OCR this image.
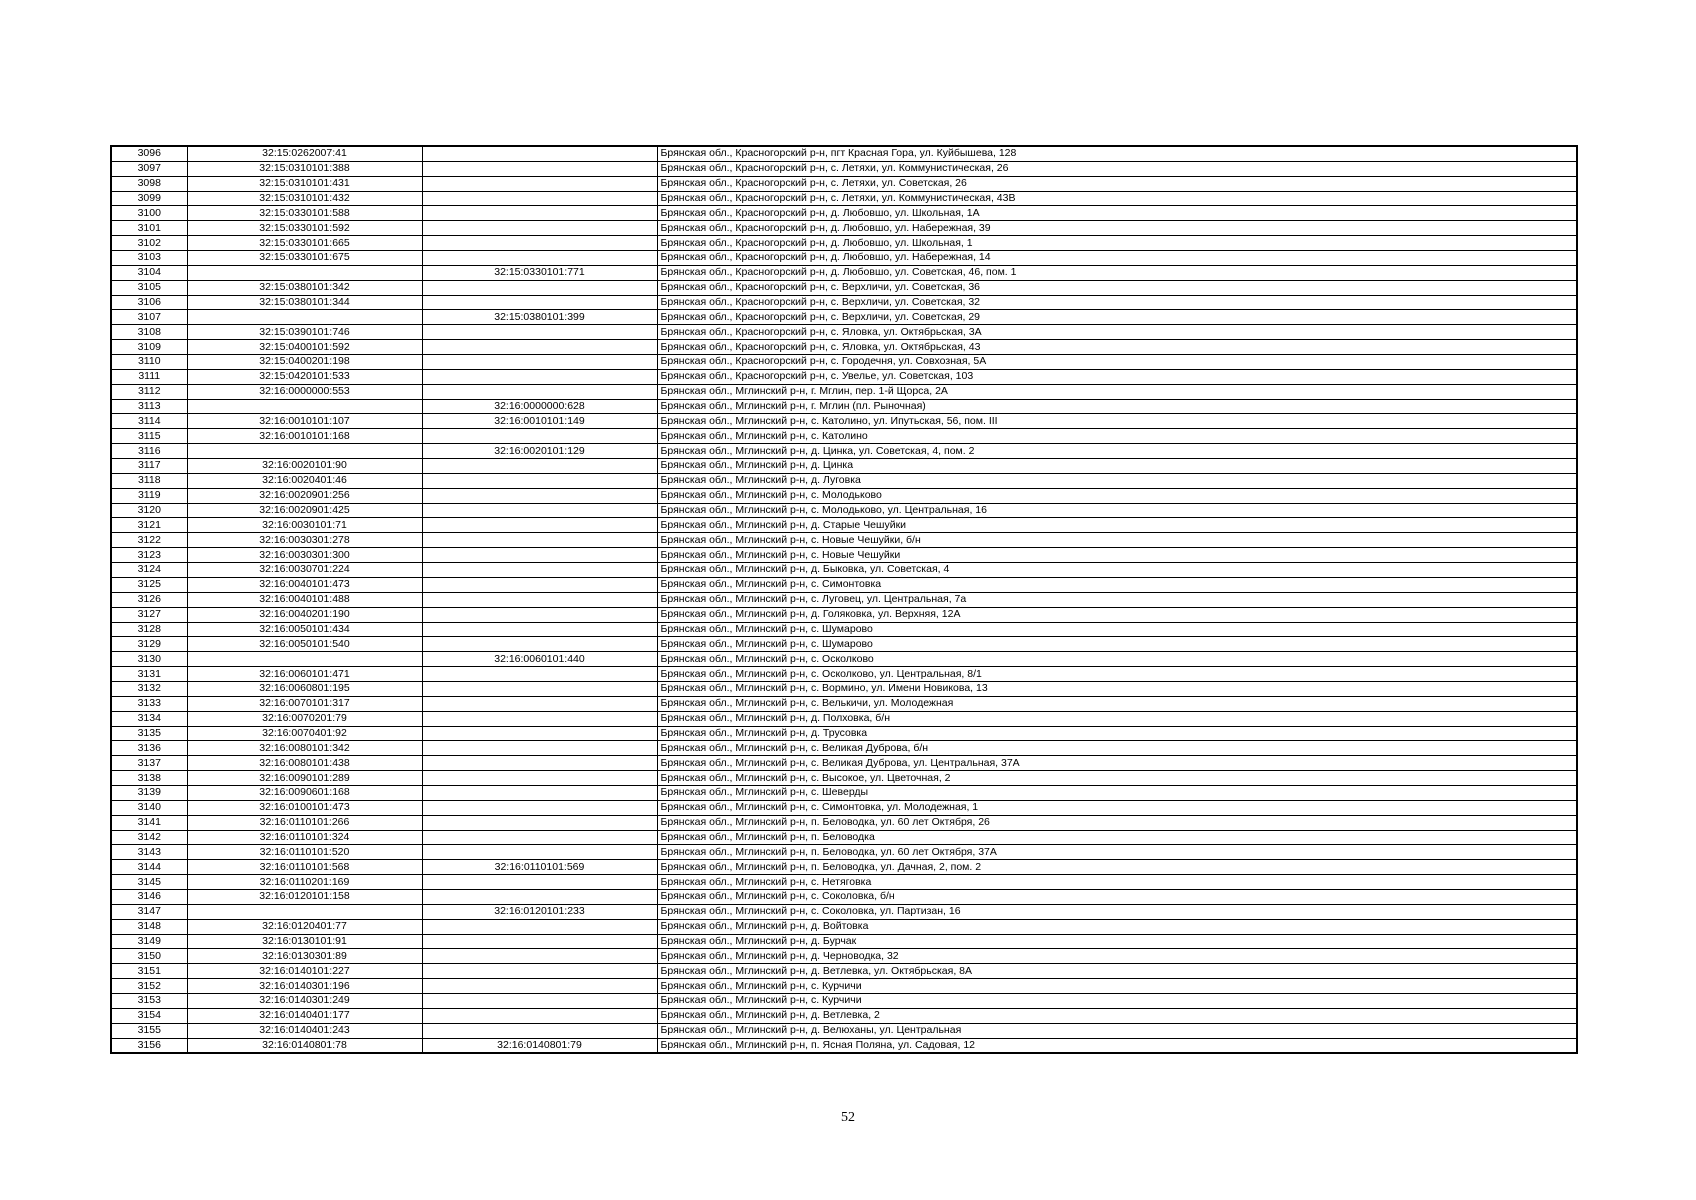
3096	32:15:0262007:41		Брянская обл., Красногорский р-н, пгт Красная Гора, ул. Куйбышева, 128
3097	32:15:0310101:388		Брянская обл., Красногорский р-н, с. Летяхи, ул. Коммунистическая, 26
3098	32:15:0310101:431		Брянская обл., Красногорский р-н, с. Летяхи, ул. Советская, 26
3099	32:15:0310101:432		Брянская обл., Красногорский р-н, с. Летяхи, ул. Коммунистическая, 43В
3100	32:15:0330101:588		Брянская обл., Красногорский р-н, д. Любовшо, ул. Школьная, 1А
3101	32:15:0330101:592		Брянская обл., Красногорский р-н, д. Любовшо, ул. Набережная, 39
3102	32:15:0330101:665		Брянская обл., Красногорский р-н, д. Любовшо, ул. Школьная, 1
3103	32:15:0330101:675		Брянская обл., Красногорский р-н, д. Любовшо, ул. Набережная, 14
3104		32:15:0330101:771	Брянская обл., Красногорский р-н, д. Любовшо, ул. Советская, 46, пом. 1
3105	32:15:0380101:342		Брянская обл., Красногорский р-н, с. Верхличи, ул. Советская, 36
3106	32:15:0380101:344		Брянская обл., Красногорский р-н, с. Верхличи, ул. Советская, 32
3107		32:15:0380101:399	Брянская обл., Красногорский р-н, с. Верхличи, ул. Советская, 29
3108	32:15:0390101:746		Брянская обл., Красногорский р-н, с. Яловка, ул. Октябрьская, 3А
3109	32:15:0400101:592		Брянская обл., Красногорский р-н, с. Яловка, ул. Октябрьская, 43
3110	32:15:0400201:198		Брянская обл., Красногорский р-н, с. Городечня, ул. Совхозная, 5А
3111	32:15:0420101:533		Брянская обл., Красногорский р-н, с. Увелье, ул. Советская, 103
3112	32:16:0000000:553		Брянская обл., Мглинский р-н, г. Мглин, пер. 1-й Щорса, 2А
3113		32:16:0000000:628	Брянская обл., Мглинский р-н, г. Мглин (пл. Рыночная)
3114	32:16:0010101:107	32:16:0010101:149	Брянская обл., Мглинский р-н, с. Католино, ул. Ипутьская, 56, пом. III
3115	32:16:0010101:168		Брянская обл., Мглинский р-н, с. Католино
3116		32:16:0020101:129	Брянская обл., Мглинский р-н, д. Цинка, ул. Советская, 4, пом. 2
3117	32:16:0020101:90		Брянская обл., Мглинский р-н, д. Цинка
3118	32:16:0020401:46		Брянская обл., Мглинский р-н, д. Луговка
3119	32:16:0020901:256		Брянская обл., Мглинский р-н, с. Молодьково
3120	32:16:0020901:425		Брянская обл., Мглинский р-н, с. Молодьково, ул. Центральная, 16
3121	32:16:0030101:71		Брянская обл., Мглинский р-н, д. Старые Чешуйки
3122	32:16:0030301:278		Брянская обл., Мглинский р-н, с. Новые Чешуйки, б/н
3123	32:16:0030301:300		Брянская обл., Мглинский р-н, с. Новые Чешуйки
3124	32:16:0030701:224		Брянская обл., Мглинский р-н, д. Быковка, ул. Советская, 4
3125	32:16:0040101:473		Брянская обл., Мглинский р-н, с. Симонтовка
3126	32:16:0040101:488		Брянская обл., Мглинский р-н, с. Луговец, ул. Центральная, 7а
3127	32:16:0040201:190		Брянская обл., Мглинский р-н, д. Голяковка, ул. Верхняя, 12А
3128	32:16:0050101:434		Брянская обл., Мглинский р-н, с. Шумарово
3129	32:16:0050101:540		Брянская обл., Мглинский р-н, с. Шумарово
3130		32:16:0060101:440	Брянская обл., Мглинский р-н, с. Осколково
3131	32:16:0060101:471		Брянская обл., Мглинский р-н, с. Осколково, ул. Центральная, 8/1
3132	32:16:0060801:195		Брянская обл., Мглинский р-н, с. Вормино, ул. Имени Новикова, 13
3133	32:16:0070101:317		Брянская обл., Мглинский р-н, с. Велькичи, ул. Молодежная
3134	32:16:0070201:79		Брянская обл., Мглинский р-н, д. Полховка, б/н
3135	32:16:0070401:92		Брянская обл., Мглинский р-н, д. Трусовка
3136	32:16:0080101:342		Брянская обл., Мглинский р-н, с. Великая Дуброва, б/н
3137	32:16:0080101:438		Брянская обл., Мглинский р-н, с. Великая Дуброва, ул. Центральная, 37А
3138	32:16:0090101:289		Брянская обл., Мглинский р-н, с. Высокое, ул. Цветочная, 2
3139	32:16:0090601:168		Брянская обл., Мглинский р-н, с. Шеверды
3140	32:16:0100101:473		Брянская обл., Мглинский р-н, с. Симонтовка, ул. Молодежная, 1
3141	32:16:0110101:266		Брянская обл., Мглинский р-н, п. Беловодка, ул. 60 лет Октября, 26
3142	32:16:0110101:324		Брянская обл., Мглинский р-н, п. Беловодка
3143	32:16:0110101:520		Брянская обл., Мглинский р-н, п. Беловодка, ул. 60 лет Октября, 37А
3144	32:16:0110101:568	32:16:0110101:569	Брянская обл., Мглинский р-н, п. Беловодка, ул. Дачная, 2, пом. 2
3145	32:16:0110201:169		Брянская обл., Мглинский р-н, с. Нетяговка
3146	32:16:0120101:158		Брянская обл., Мглинский р-н, с. Соколовка, б/н
3147		32:16:0120101:233	Брянская обл., Мглинский р-н, с. Соколовка, ул. Партизан, 16
3148	32:16:0120401:77		Брянская обл., Мглинский р-н, д. Войтовка
3149	32:16:0130101:91		Брянская обл., Мглинский р-н, д. Бурчак
3150	32:16:0130301:89		Брянская обл., Мглинский р-н, д. Черноводка, 32
3151	32:16:0140101:227		Брянская обл., Мглинский р-н, д. Ветлевка, ул. Октябрьская, 8А
3152	32:16:0140301:196		Брянская обл., Мглинский р-н, с. Курчичи
3153	32:16:0140301:249		Брянская обл., Мглинский р-н, с. Курчичи
3154	32:16:0140401:177		Брянская обл., Мглинский р-н, д. Ветлевка, 2
3155	32:16:0140401:243		Брянская обл., Мглинский р-н, д. Велюханы, ул. Центральная
3156	32:16:0140801:78	32:16:0140801:79	Брянская обл., Мглинский р-н, п. Ясная Поляна, ул. Садовая, 12
52
